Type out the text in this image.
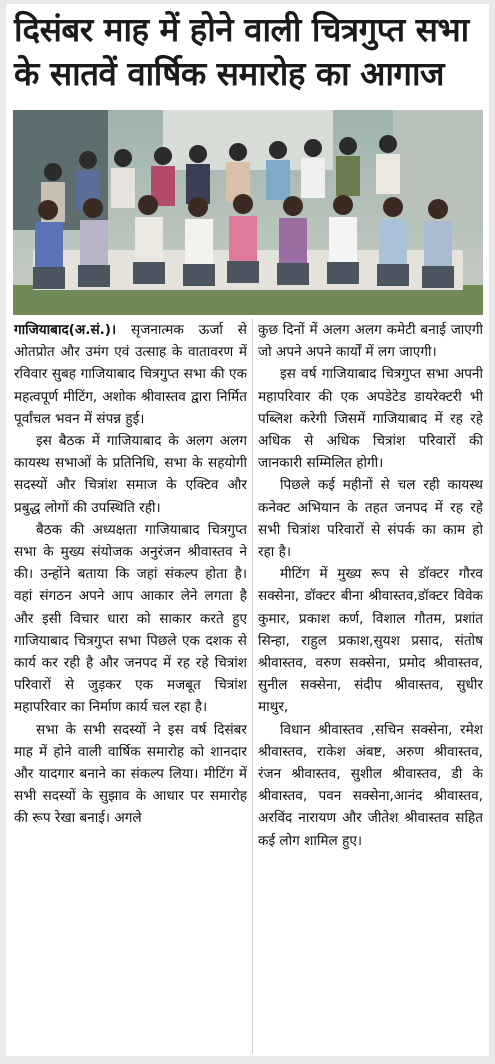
दिसंबर माह में होने वाली चित्रगुप्त सभा
के सातवें वार्षिक समारोह का आगाज

गाजियाबाद(अ.सं.)। सृजनात्मक ऊर्जा से ओतप्रोत और उमंग एवं उत्साह के वातावरण में रविवार सुबह गाजियाबाद चित्रगुप्त सभा की एक महत्वपूर्ण मीटिंग, अशोक श्रीवास्तव द्वारा निर्मित पूर्वांचल भवन में संपन्न हुई।

इस बैठक में गाजियाबाद के अलग अलग कायस्थ सभाओं के प्रतिनिधि, सभा के सहयोगी सदस्यों और चित्रांश समाज के एक्टिव और प्रबुद्ध लोगों की उपस्थिति रही।

बैठक की अध्यक्षता गाजियाबाद चित्रगुप्त सभा के मुख्य संयोजक अनुरंजन श्रीवास्तव ने की। उन्होंने बताया कि जहां संकल्प होता है। वहां संगठन अपने आप आकार लेने लगता है और इसी विचार धारा को साकार करते हुए गाजियाबाद चित्रगुप्त सभा पिछले एक दशक से कार्य कर रही है और जनपद में रह रहे चित्रांश परिवारों से जुड़कर एक मजबूत चित्रांश महापरिवार का निर्माण कार्य चल रहा है।

सभा के सभी सदस्यों ने इस वर्ष दिसंबर माह में होने वाली वार्षिक समारोह को शानदार और यादगार बनाने का संकल्प लिया। मीटिंग में सभी सदस्यों के सुझाव के आधार पर समारोह की रूप रेखा बनाई। अगले

कुछ दिनों में अलग अलग कमेटी बनाई जाएगी जो अपने अपने कार्यों में लग जाएगी।

इस वर्ष गाजियाबाद चित्रगुप्त सभा अपनी महापरिवार की एक अपडेटेड डायरेक्टरी भी पब्लिश करेगी जिसमें गाजियाबाद में रह रहे अधिक से अधिक चित्रांश परिवारों की जानकारी सम्मिलित होगी।

पिछले कई महीनों से चल रही कायस्थ कनेक्ट अभियान के तहत जनपद में रह रहे सभी चित्रांश परिवारों से संपर्क का काम हो रहा है।

मीटिंग में मुख्य रूप से डॉक्टर गौरव सक्सेना, डॉक्टर बीना श्रीवास्तव,डॉक्टर विवेक कुमार, प्रकाश कर्ण, विशाल गौतम, प्रशांत सिन्हा, राहुल प्रकाश,सुयश प्रसाद, संतोष श्रीवास्तव, वरुण सक्सेना, प्रमोद श्रीवास्तव, सुनील सक्सेना, संदीप श्रीवास्तव, सुधीर माथुर,

विधान श्रीवास्तव ,सचिन सक्सेना, रमेश श्रीवास्तव, राकेश अंबष्ट, अरुण श्रीवास्तव, रंजन श्रीवास्तव, सुशील श्रीवास्तव, डी के श्रीवास्तव, पवन सक्सेना,आनंद श्रीवास्तव, अरविंद नारायण और जीतेश श्रीवास्तव सहित कई लोग शामिल हुए।
